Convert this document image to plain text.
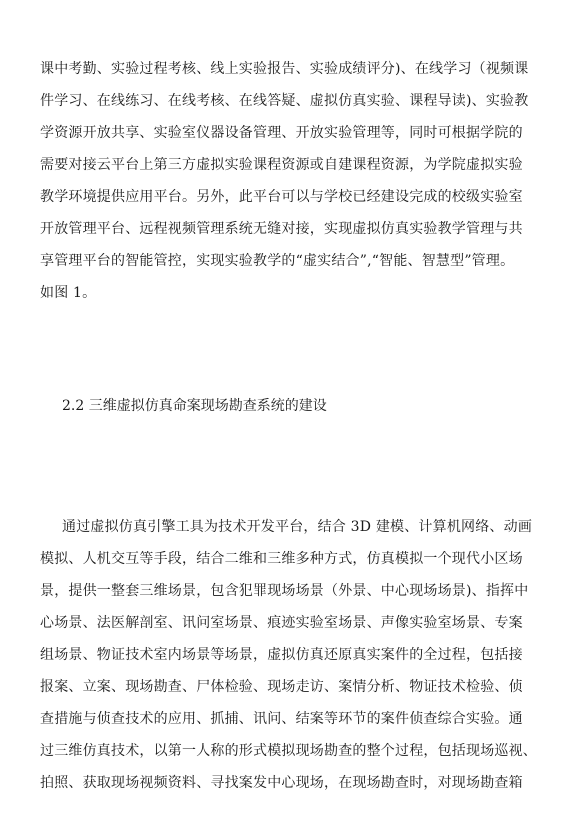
课中考勤、实验过程考核、线上实验报告、实验成绩评分)、在线学习（视频课
件学习、在线练习、在线考核、在线答疑、虚拟仿真实验、课程导读)、实验教
学资源开放共享、实验室仪器设备管理、开放实验管理等，同时可根据学院的
需要对接云平台上第三方虚拟实验课程资源或自建课程资源，为学院虚拟实验
教学环境提供应用平台。另外，此平台可以与学校已经建设完成的校级实验室
开放管理平台、远程视频管理系统无缝对接，实现虚拟仿真实验教学管理与共
享管理平台的智能管控，实现实验教学的“虚实结合”,“智能、智慧型”管理。
如图 1。
2.2 三维虚拟仿真命案现场勘查系统的建设
通过虚拟仿真引擎工具为技术开发平台，结合 3D 建模、计算机网络、动画
模拟、人机交互等手段，结合二维和三维多种方式，仿真模拟一个现代小区场
景，提供一整套三维场景，包含犯罪现场场景（外景、中心现场场景)、指挥中
心场景、法医解剖室、讯问室场景、痕迹实验室场景、声像实验室场景、专案
组场景、物证技术室内场景等场景，虚拟仿真还原真实案件的全过程，包括接
报案、立案、现场勘查、尸体检验、现场走访、案情分析、物证技术检验、侦
查措施与侦查技术的应用、抓捕、讯问、结案等环节的案件侦查综合实验。通
过三维仿真技术，以第一人称的形式模拟现场勘查的整个过程，包括现场巡视、
拍照、获取现场视频资料、寻找案发中心现场，在现场勘查时，对现场勘查箱
